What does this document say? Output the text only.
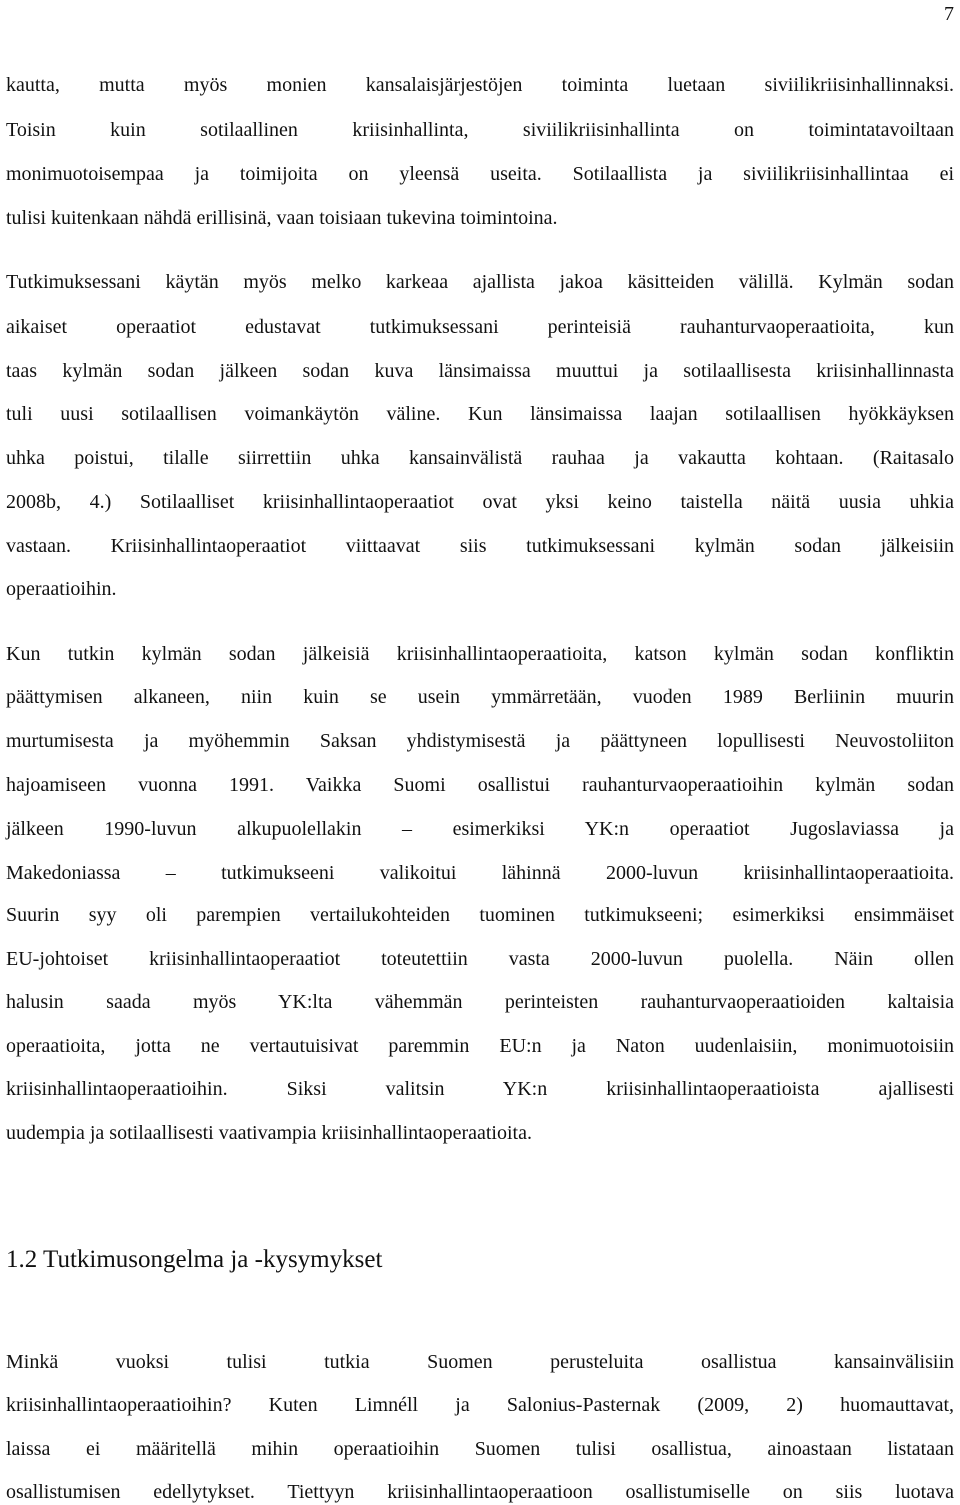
7
kautta, mutta myös monien kansalaisjärjestöjen toiminta luetaan siviilikriisinhallinnaksi.
Toisin kuin sotilaallinen kriisinhallinta, siviilikriisinhallinta on toimintatavoiltaan
monimuotoisempaa ja toimijoita on yleensä useita. Sotilaallista ja siviilikriisinhallintaa ei
tulisi kuitenkaan nähdä erillisinä, vaan toisiaan tukevina toimintoina.
Tutkimuksessani käytän myös melko karkeaa ajallista jakoa käsitteiden välillä. Kylmän sodan
aikaiset operaatiot edustavat tutkimuksessani perinteisiä rauhanturvaoperaatioita, kun
taas kylmän sodan jälkeen sodan kuva länsimaissa muuttui ja sotilaallisesta kriisinhallinnasta
tuli uusi sotilaallisen voimankäytön väline. Kun länsimaissa laajan sotilaallisen hyökkäyksen
uhka poistui, tilalle siirrettiin uhka kansainvälistä rauhaa ja vakautta kohtaan. (Raitasalo
2008b, 4.) Sotilaalliset kriisinhallintaoperaatiot ovat yksi keino taistella näitä uusia uhkia
vastaan. Kriisinhallintaoperaatiot viittaavat siis tutkimuksessani kylmän sodan jälkeisiin
operaatioihin.
Kun tutkin kylmän sodan jälkeisiä kriisinhallintaoperaatioita, katson kylmän sodan konfliktin
päättymisen alkaneen, niin kuin se usein ymmärretään, vuoden 1989 Berliinin muurin
murtumisesta ja myöhemmin Saksan yhdistymisestä ja päättyneen lopullisesti Neuvostoliiton
hajoamiseen vuonna 1991. Vaikka Suomi osallistui rauhanturvaoperaatioihin kylmän sodan
jälkeen 1990-luvun alkupuolellakin – esimerkiksi YK:n operaatiot Jugoslaviassa ja
Makedoniassa – tutkimukseeni valikoitui lähinnä 2000-luvun kriisinhallintaoperaatioita.
Suurin syy oli parempien vertailukohteiden tuominen tutkimukseeni; esimerkiksi ensimmäiset
EU-johtoiset kriisinhallintaoperaatiot toteutettiin vasta 2000-luvun puolella. Näin ollen
halusin saada myös YK:lta vähemmän perinteisten rauhanturvaoperaatioiden kaltaisia
operaatioita, jotta ne vertautuisivat paremmin EU:n ja Naton uudenlaisiin, monimuotoisiin
kriisinhallintaoperaatioihin. Siksi valitsin YK:n kriisinhallintaoperaatioista ajallisesti
uudempia ja sotilaallisesti vaativampia kriisinhallintaoperaatioita.
1.2 Tutkimusongelma ja -kysymykset
Minkä vuoksi tulisi tutkia Suomen perusteluita osallistua kansainvälisiin
kriisinhallintaoperaatioihin? Kuten Limnéll ja Salonius-Pasternak (2009, 2) huomauttavat,
laissa ei määritellä mihin operaatioihin Suomen tulisi osallistua, ainoastaan listataan
osallistumisen edellytykset. Tiettyyn kriisinhallintaoperaatioon osallistumiselle on siis luotava
